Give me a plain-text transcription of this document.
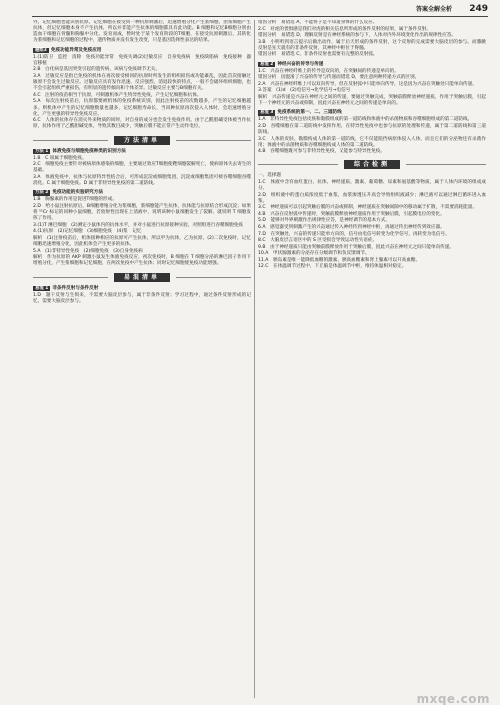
答案全解全析 249
外，记忆细胞也能识别抗原。记忆细胞在接受同一种抗原刺激后，迅速增殖分化产生浆细胞，由浆细胞产生抗体，但记忆细胞本身不产生抗体，所以并非能产生抗体的细胞都具有此功能。B 细胞和记忆B细胞分别由造血干细胞在骨髓和胸腺中分化、发育而成，暂时处于某个发育阶段的T细胞，在接受抗原刺激后，其转化为浆细胞和记忆细胞的过程中，遗传物质并没有发生改变，只是基因选择性表达的结果。
题组3 免疫功能异常及免疫应用
1.(1)防卫　监控　清除　免疫功能异常　免疫失调(2)过敏反应　自身免疫病　免疫缺陷病　免疫接种　器官移植
2.B　白化病是基因突变引起的遗传病，该病与免疫调节无关。
3.A　过敏反应是指已免疫的机体在再次接受相同的抗原时所发生的组织损伤或功能紊乱，因此首次接触过敏原不会发生过敏反应。过敏反应具有发作迅速、反应强烈、消退较快的特点，一般不会破坏组织细胞，也不会引起组织严重损伤，有明显的遗传倾向和个体差异。过敏反应主要与B细胞有关。
4.C　注射的疫苗相当于抗原，可刺激机体产生特异性免疫，产生记忆细胞和抗体。
5.A　每次注射疫苗后，抗原都要被机体的免疫系统识别，因此注射疫苗的次数越多，产生的记忆细胞越多。则机体中产生的记忆细胞数量也越多，记忆细胞寿命长，当同种抗原再次侵入人体时，会迅速增殖分化，产生更强的特异性免疫反应。
6.C　人体的抗体存在消灭外来物质的同时，对自身的成分也会发生免疫作用。由于乙酰胆碱受体被当作抗原，抗体作用于乙酰胆碱受体，导致其数目减少，突触后膜不能正常产生动作电位。
方法清单
方法 1 体液免疫与细胞免疫种类的识别方法
1.B　C 项属于细胞免疫。
2.C　细胞免疫主要针对被病原体感染的细胞，主要通过效应T细胞使靶细胞裂解死亡，使病原体失去寄生的基础。
3.A　体液免疫中，抗体与抗原特异性结合后，可形成沉淀或细胞集团，沉淀或细胞集团可被吞噬细胞吞噬消化。C 属于细胞免疫。D 属于非特异性免疫的第二道防线。
方法 2 免疫功能的实验研究方法
1.B　胸腺素的作用是促进T细胞的形成。
2.D　给小鼠注射抗原后，B细胞增殖分化为浆细胞，浆细胞能产生抗体，抗体能与抗原结合形成沉淀；如果将 ⁵¹Cr 标记的同种小鼠细胞，若放射性出现在上清液中，说明该种小鼠细胞发生了裂解，就说明 T 细胞发挥了作用。
3.(1)T 淋巴细胞　(2)测定小鼠体内的抗体水平，并对小鼠进行抗原接种实验，对照组进行吞噬细胞免疫
4.(1)抗原　(2)记忆细胞　(3)细胞免疫　(4)浆　记忆
解析　(1)注射疫苗后，机体接种相应的抗原可产生抗体，所以甲为抗体，乙为抗原。(2)二次免疫时，记忆细胞迅速增殖分化，因此机体会产生更多的抗体。
5.A　(1)非特异性免疫　(2)细胞免疫　(3)自身免疫病
解析　作为抗原的 AKP 刺激小鼠发生体液免疫反应，初次免疫时，B 细胞在 T 细胞分泌的淋巴因子作用下增殖分化，产生浆细胞和记忆细胞，在两次免疫中产生抗体；同时记忆细胞使免疫功能增强。
易混清单
易混 1 非条件反射与条件反射
1.D　题干反射与生俱来，不需要大脑皮层参与，属于非条件反射；学习过程中，通过条件反射形成的记忆，需要大脑皮层参与。
错因分析　易错选 A，不能将子是不知道身体的什么反应。
2.C　对虎的畏惧感是我们对虎的相关信息所形成的条件反射的结果，属于条件反射。
错因分析　易错选 D，理解反射是在神经系统的参与下，人体对内外环境变化作出的规律性应答。
3.B　小明听到语言提示后做出动作，属于后天形成的条件反射，这个反射的完成需要大脑皮层的参与。而膝跳反射是先天就有的非条件反射，其神经中枢位于脊髓。
错因分析　易错选 C，非条件反射也需要有完整的反射弧。
易混 2 神经兴奋的传导与传递
1.C　兴奋在神经纤维上的传导是双向的，在突触间的传递是单向的。
错因分析　因混淆了兴奋的传导与传递而错选 D，要注意两种传递方式的区别。
2.A　兴奋在神经纤维上可以双向传导，但在反射弧中只能单向传导，这是因为兴奋在突触处只能单向传递。
3.答案　(1)d　(2)电信号→化学信号→电信号
解析　兴奋传递是兴奋在神经元之间的传递，要通过突触完成，突触前膜释放神经递质，作用于突触后膜，引起下一个神经元的兴奋或抑制，因此兴奋在神经元之间的传递是单向的。
易混 3 免疫系统的第一、二、三道防线
1.A　非特异性免疫包括皮肤和黏膜组成的第一道防线和体液中的杀菌物质和吞噬细胞组成的第二道防线。
2.D　吞噬细胞在第二道防线中发挥作用，在特异性免疫中也参与抗原的处理和传递，属于第二道防线和第三道防线。
3.C　人体的皮肤、黏膜构成人体的第一道防线，它不仅能阻挡病原体侵入人体，而且它们的分泌物还有杀菌作用；体液中的杀菌物质和吞噬细胞构成人体的第二道防线。
4.B　吞噬细胞既可参与非特异性免疫，又能参与特异性免疫。
综合检测
一、选择题
1.C　体液中含有血红蛋白、抗体、神经递质、激素、葡萄糖、尿素和氨基酸等物质，属于人体内环境的组成成分。
2.D　组织液中的蛋白质浓度低于血浆，血浆渗透压升高会导致组织液减少；淋巴液可以通过淋巴循环进入血浆。
3.C　神经递质可以引起突触后膜的兴奋或抑制，神经递质在突触间隙中的移动属于扩散，不需要消耗能量。
4.B　兴奋在反射弧中传递时，突触前膜释放神经递质作用于突触后膜，引起膜电位的变化。
5.D　能够对外界刺激作出规律性应答，是神经调节的基本方式。
6.A　感觉器受到刺激产生的兴奋通过传入神经传到神经中枢，再通过传出神经传到效应器。
7.D　在突触处，兴奋的传递只能单方向的，信号由电信号转变为化学信号，再转变为电信号。
8.C　大脑皮层言语区中的 S 区受损会导致运动性失语症。
9.B　由于神经递质只能由突触前膜释放作用于突触后膜，因此兴奋在神经元之间只能单向传递。
10.A　甲状腺激素的分泌存在分级调节和负反馈调节。
11.A　胰岛素是唯一能降低血糖的激素，胰高血糖素和肾上腺素可以升高血糖。
12.C　在体温调节过程中，下丘脑是体温调节中枢，维持体温相对稳定。
mxqe.com
